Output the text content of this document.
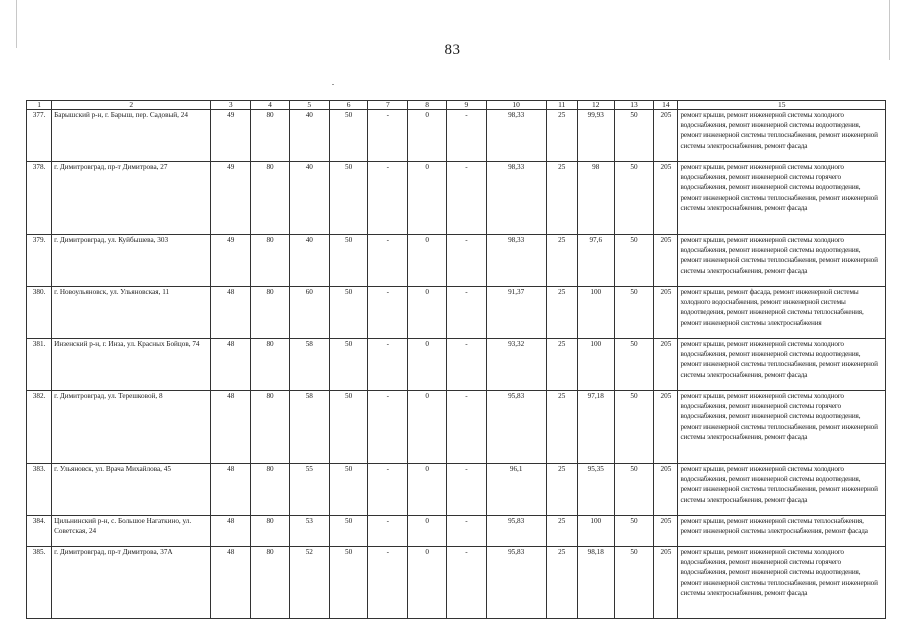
83
1	2	3	4	5	6	7	8	9	10	11	12	13	14	15
377.	Барышский р-н, г. Барыш, пер. Садовый, 24	49	80	40	50	-	0	-	98,33	25	99,93	50	205	ремонт крыши, ремонт инженерной системы холодного водоснабжения, ремонт инженерной системы водоотведения, ремонт инженерной системы теплоснабжения, ремонт инженерной системы электроснабжения, ремонт фасада
378.	г. Димитровград, пр-т Димитрова, 27	49	80	40	50	-	0	-	98,33	25	98	50	205	ремонт крыши, ремонт инженерной системы холодного водоснабжения, ремонт инженерной системы горячего водоснабжения, ремонт инженерной системы водоотведения, ремонт инженерной системы теплоснабжения, ремонт инженерной системы электроснабжения, ремонт фасада
379.	г. Димитровград, ул. Куйбышева, 303	49	80	40	50	-	0	-	98,33	25	97,6	50	205	ремонт крыши, ремонт инженерной системы холодного водоснабжения, ремонт инженерной системы водоотведения, ремонт инженерной системы теплоснабжения, ремонт инженерной системы электроснабжения, ремонт фасада
380.	г. Новоульяновск, ул. Ульяновская, 11	48	80	60	50	-	0	-	91,37	25	100	50	205	ремонт крыши, ремонт фасада, ремонт инженерной системы холодного водоснабжения, ремонт инженерной системы водоотведения, ремонт инженерной системы теплоснабжения, ремонт инженерной системы электроснабжения
381.	Инзенский р-н, г. Инза, ул. Красных Бойцов, 74	48	80	58	50	-	0	-	93,32	25	100	50	205	ремонт крыши, ремонт инженерной системы холодного водоснабжения, ремонт инженерной системы водоотведения, ремонт инженерной системы теплоснабжения, ремонт инженерной системы электроснабжения, ремонт фасада
382.	г. Димитровград, ул. Терешковой, 8	48	80	58	50	-	0	-	95,83	25	97,18	50	205	ремонт крыши, ремонт инженерной системы холодного водоснабжения, ремонт инженерной системы горячего водоснабжения, ремонт инженерной системы водоотведения, ремонт инженерной системы теплоснабжения, ремонт инженерной системы электроснабжения, ремонт фасада
383.	г. Ульяновск, ул. Врача Михайлова, 45	48	80	55	50	-	0	-	96,1	25	95,35	50	205	ремонт крыши, ремонт инженерной системы холодного водоснабжения, ремонт инженерной системы водоотведения, ремонт инженерной системы теплоснабжения, ремонт инженерной системы электроснабжения, ремонт фасада
384.	Цильнинский р-н, с. Большое Нагаткино, ул. Советская, 24	48	80	53	50	-	0	-	95,83	25	100	50	205	ремонт крыши, ремонт инженерной системы теплоснабжения, ремонт инженерной системы электроснабжения, ремонт фасада
385.	г. Димитровград, пр-т Димитрова, 37А	48	80	52	50	-	0	-	95,83	25	98,18	50	205	ремонт крыши, ремонт инженерной системы холодного водоснабжения, ремонт инженерной системы горячего водоснабжения, ремонт инженерной системы водоотведения, ремонт инженерной системы теплоснабжения, ремонт инженерной системы электроснабжения, ремонт фасада
